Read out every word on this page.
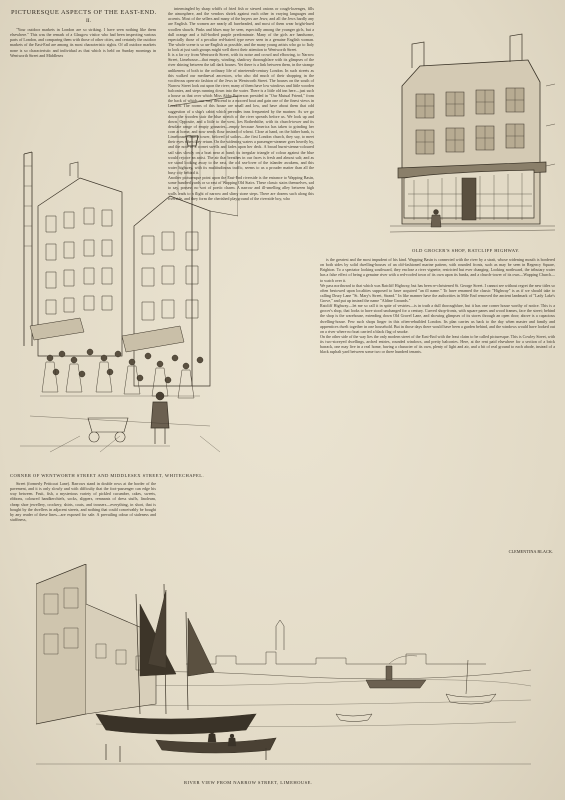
PICTURESQUE ASPECTS OF THE EAST-END.
II.

"Your outdoor markets in London are so striking. I have seen nothing like them elsewhere." This was the remark of a Glasgow visitor who had been inspecting various parts of London, and comparing them with those of other cities, and certainly the outdoor markets of the East-End are among its most characteristic sights. Of all outdoor markets none is so characteristic and individual as that which is held on Sunday mornings in Wentworth Street and Middlesex

CORNER OF WENTWORTH STREET AND MIDDLESEX STREET, WHITECHAPEL.

Street (formerly Petticoat Lane). Barrows stand in double rows at the border of the pavement, and it is only slowly and with difficulty that the foot-passenger can edge his way between. Fruit, fish, a mysterious variety of pickled cucumber, cakes, sweets, ribbons, coloured handkerchiefs, socks, slippers, remnants of dress stuffs, linoleum, cheap shoe jewellery, crockery, shirts, coats, and trousers—everything, in short, that is bought by the dwellers in adjacent streets, and nothing that could conceivably be bought by any reader of these lines—are exposed for sale. A prevailing odour of staleness and stuffiness,

intermingled by sharp whiffs of fried fish or stewed onions or cough-lozenges, fills the atmosphere, and the vendors shriek against each other in varying languages and accents. Most of the sellers and many of the buyers are Jews; and all the Jews hardly any are English. The women are nearly all bareheaded, and most of them wear bright-hued woollen shawls. Pinks and blues may be seen, especially among the younger girls, but a dull orange and a full-bodied purple predominate. Many of the girls are handsome, especially those of a peculiar red-haired type never seen in a genuine English woman. The whole scene is so un-English as possible, and the many young artists who go to Italy to look at just such groups might well direct their attention to Wentworth Street.
It is a far cry from Wentworth Street, with its noise and crowd and elbowing, to Narrow Street, Limehouse—that empty, winding, shadowy thoroughfare with its glimpses of the river shining between the tall dark houses. Yet there is a link between them, in the strange unlikeness of both to the ordinary life of nineteenth-century London. In such streets as this walked our mediaeval ancestors, who also did much of their shopping in the vociferous open-air fashion of the Jews in Wentworth Street. The houses on the south of Narrow Street look out upon the river; many of them have low windows and little wooden balconies, and steps running down into the water. There is a little old inn here—just such a house as that over which Miss Abby Potterson presided in "Our Mutual Friend," from the back of which one may descend to a moored boat and gain one of the finest views in London. The rooms of this house are small and low, and have about them that odd suggestion of a ship's cabin which pervades inns frequented by the mariner. As we go down the wooden stair the blue stretch of the river spreads before us. We look up and down. Opposite, and a little to the west, lies Rotherhithe, with its church-tower and its desolate range of empty granaries—empty because America has taken to grinding her corn at home, and now sends flour instead of wheat. Close at hand, on the hither bank, is Limehouse Church tower, beloved of sailors—the first London church, they say, to meet their eyes when they return. On the widening waters a passenger-steamer goes heavily by, and the note of a cornet swells and fades upon her deck. A broad burnt-sienna-coloured sail stirs slowly on a boat near at hand; its irregular triangle of colour against the blue would rejoice an artist. The air that breathes in our faces is fresh and almost salt; and as we stand looking away to the east, the old sea-lover of the islander awakens, and this water highway, with its multitudinous traffic, seems to us a prouder matter than all the busy city behind it.
Another picturesque point upon the East-End riverside is the entrance to Wapping Basin, some hundred yards or so east of Wapping Old Stairs. These classic stairs themselves, sad to say, possess no sort of poetic charm. A narrow and ill-smelling alley between high walls leads to a flight of narrow and slimy stone steps. There are dozens such along this riverside, and they form the cherished playground of the riverside boy, who

OLD GROCER'S SHOP, RATCLIFF HIGHWAY.

is the greatest and the most impudent of his kind. Wapping Basin is connected with the river by a strait, whose widening mouth is bordered on both sides by solid dwelling-houses of an old-fashioned marine pattern, with rounded fronts, such as may be seen in Regency Square, Brighton. To a spectator looking southward, they enclose a river vignette, restricted but ever changing. Looking northward, the tributary water has a false effect of being a genuine river with a red-roofed town of its own upon its banks, and a church-tower of its own—Wapping Church—to watch over it.
We pass northward to that which was Ratcliff Highway, but has been re-christened St. George Street. I cannot see without regret the new titles so often bestowed upon localities supposed to have acquired "an ill name." To have renamed the classic "Highway" is as if we should take to calling Drury Lane "St. Mary's Street, Strand." In like manner have the authorities in Mile End removed the ancient landmark of "Lady Lake's Grove," and put up instead the name "Aldine Grounds."
Ratcliff Highway—let me so call it in spite of vestries—is in truth a dull thoroughfare, but it has one corner house worthy of notice. This is a grocer's shop, that looks to have stood unchanged for a century. Curved shop-fronts, with square panes and wood frames, face the street; behind the shop is the warehouse, extending down Old Gravel Lane, and showing glimpses of its stores through an open door; above is a capacious dwelling-house. Few such shops linger in this often-rebuilded London. Its plan carries us back to the day when master and family and apprentices dwelt together in one household. But in those days there would have been a garden behind, and the windows would have looked out on a river where no boat carried a black flag of smoke.
On the other side of the way lies the only modern street of the East-End with the least claim to be called picturesque. This is Cowley Street, with its two-storeyed dwellings, arched entries, rounded windows, and pretty balconies. Here, at the rent paid elsewhere for a section of a brick barrack, one may live in a real home, having a character of its own, plenty of light and air, and a bit of real ground to each abode, instead of a black asphalt yard between some two or three hundred tenants.

CLEMENTINA BLACK.
RIVER VIEW FROM NARROW STREET, LIMEHOUSE.
